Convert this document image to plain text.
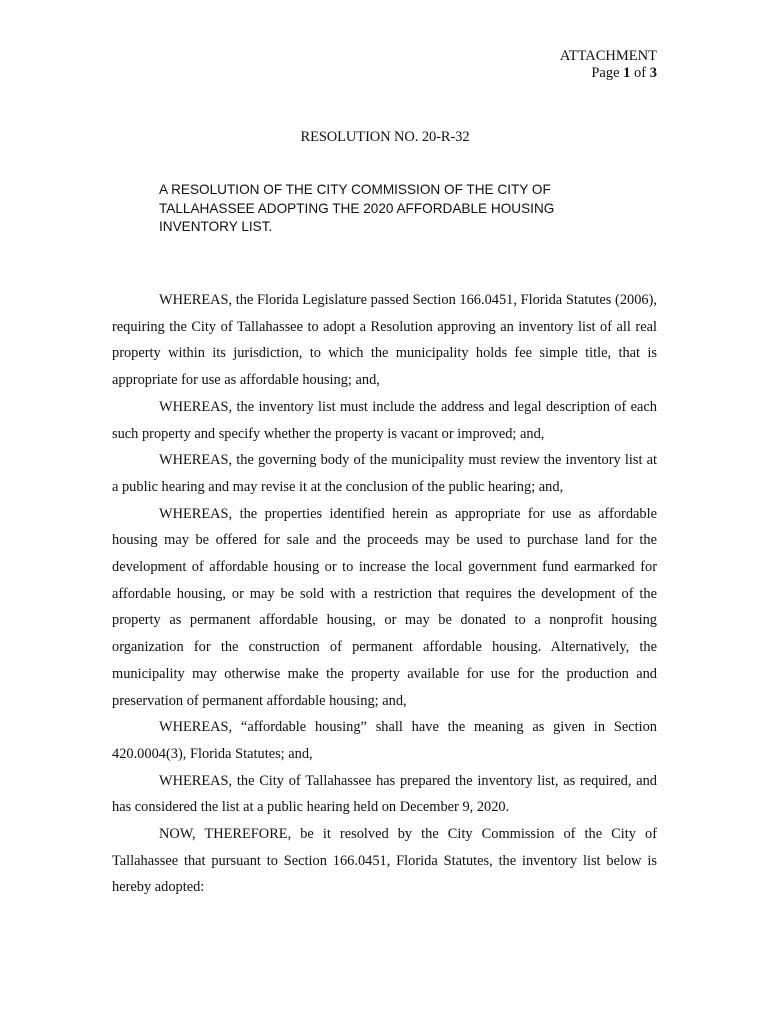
ATTACHMENT
Page 1 of 3
RESOLUTION NO. 20-R-32
A RESOLUTION OF THE CITY COMMISSION OF THE CITY OF TALLAHASSEE ADOPTING THE 2020 AFFORDABLE HOUSING INVENTORY LIST.

WHEREAS, the Florida Legislature passed Section 166.0451, Florida Statutes (2006), requiring the City of Tallahassee to adopt a Resolution approving an inventory list of all real property within its jurisdiction, to which the municipality holds fee simple title, that is appropriate for use as affordable housing; and,

WHEREAS, the inventory list must include the address and legal description of each such property and specify whether the property is vacant or improved; and,

WHEREAS, the governing body of the municipality must review the inventory list at a public hearing and may revise it at the conclusion of the public hearing; and,

WHEREAS, the properties identified herein as appropriate for use as affordable housing may be offered for sale and the proceeds may be used to purchase land for the development of affordable housing or to increase the local government fund earmarked for affordable housing, or may be sold with a restriction that requires the development of the property as permanent affordable housing, or may be donated to a nonprofit housing organization for the construction of permanent affordable housing. Alternatively, the municipality may otherwise make the property available for use for the production and preservation of permanent affordable housing; and,

WHEREAS, “affordable housing” shall have the meaning as given in Section 420.0004(3), Florida Statutes; and,

WHEREAS, the City of Tallahassee has prepared the inventory list, as required, and has considered the list at a public hearing held on December 9, 2020.

NOW, THEREFORE, be it resolved by the City Commission of the City of Tallahassee that pursuant to Section 166.0451, Florida Statutes, the inventory list below is hereby adopted:
